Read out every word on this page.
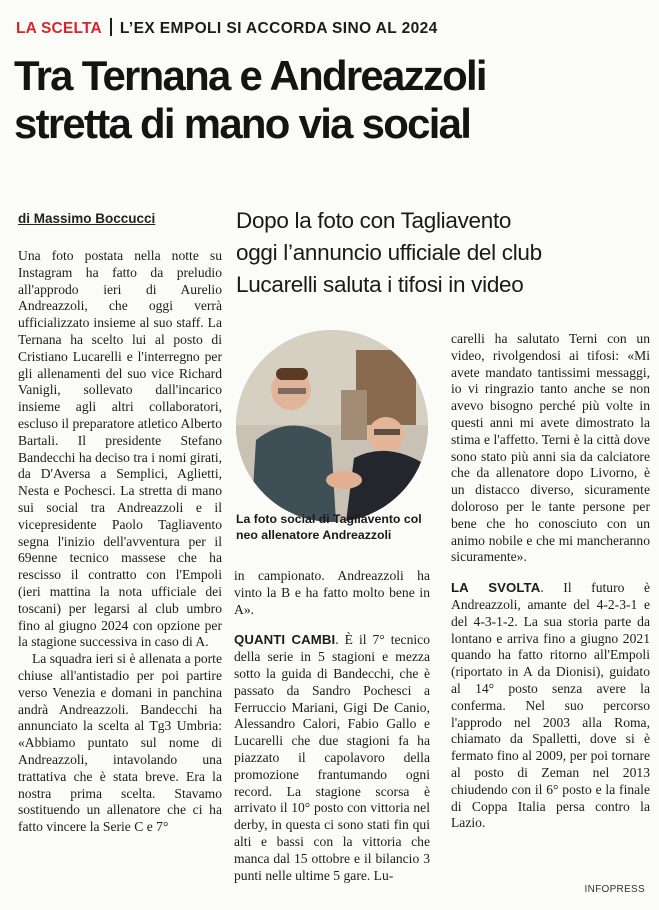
LA SCELTA L’EX EMPOLI SI ACCORDA SINO AL 2024
Tra Ternana e Andreazzoli
stretta di mano via social
di Massimo Boccucci	Dopo la foto con Tagliavento
oggi l’annuncio ufficiale del club
Lucarelli saluta i tifosi in video

Una foto postata nella notte su Instagram ha fatto da preludio all'approdo ieri di Aurelio Andreazzoli, che oggi verrà ufficializzato insieme al suo staff. La Ternana ha scelto lui al posto di Cristiano Lucarelli e l'interregno per gli allenamenti del suo vice Richard Vanigli, sollevato dall'incarico insieme agli altri collaboratori, escluso il preparatore atletico Alberto Bartali. Il presidente Stefano Bandecchi ha deciso tra i nomi girati, da D'Aversa a Semplici, Aglietti, Nesta e Pochesci. La stretta di mano sui social tra Andreazzoli e il vicepresidente Paolo Tagliavento segna l'inizio dell'avventura per il 69enne tecnico massese che ha rescisso il contratto con l'Empoli (ieri mattina la nota ufficiale dei toscani) per legarsi al club umbro fino al giugno 2024 con opzione per la stagione successiva in caso di A.

La squadra ieri si è allenata a porte chiuse all'antistadio per poi partire verso Venezia e domani in panchina andrà Andreazzoli. Bandecchi ha annunciato la scelta al Tg3 Umbria: «Abbiamo puntato sul nome di Andreazzoli, intavolando una trattativa che è stata breve. Era la nostra prima scelta. Stavamo sostituendo un allenatore che ci ha fatto vincere la Serie C e 7°

La foto social di Tagliavento col neo allenatore Andreazzoli

in campionato. Andreazzoli ha vinto la B e ha fatto molto bene in A».

QUANTI CAMBI. È il 7° tecnico della serie in 5 stagioni e mezza sotto la guida di Bandecchi, che è passato da Sandro Pochesci a Ferruccio Mariani, Gigi De Canio, Alessandro Calori, Fabio Gallo e Lucarelli che due stagioni fa ha piazzato il capolavoro della promozione frantumando ogni record. La stagione scorsa è arrivato il 10° posto con vittoria nel derby, in questa ci sono stati fin qui alti e bassi con la vittoria che manca dal 15 ottobre e il bilancio 3 punti nelle ultime 5 gare. Lu-

carelli ha salutato Terni con un video, rivolgendosi ai tifosi: «Mi avete mandato tantissimi messaggi, io vi ringrazio tanto anche se non avevo bisogno perché più volte in questi anni mi avete dimostrato la stima e l'affetto. Terni è la città dove sono stato più anni sia da calciatore che da allenatore dopo Livorno, è un distacco diverso, sicuramente doloroso per le tante persone per bene che ho conosciuto con un animo nobile e che mi mancheranno sicuramente».

LA SVOLTA. Il futuro è Andreazzoli, amante del 4-2-3-1 e del 4-3-1-2. La sua storia parte da lontano e arriva fino a giugno 2021 quando ha fatto ritorno all'Empoli (riportato in A da Dionisi), guidato al 14° posto senza avere la conferma. Nel suo percorso l'approdo nel 2003 alla Roma, chiamato da Spalletti, dove si è fermato fino al 2009, per poi tornare al posto di Zeman nel 2013 chiudendo con il 6° posto e la finale di Coppa Italia persa contro la Lazio.

INFOPRESS
